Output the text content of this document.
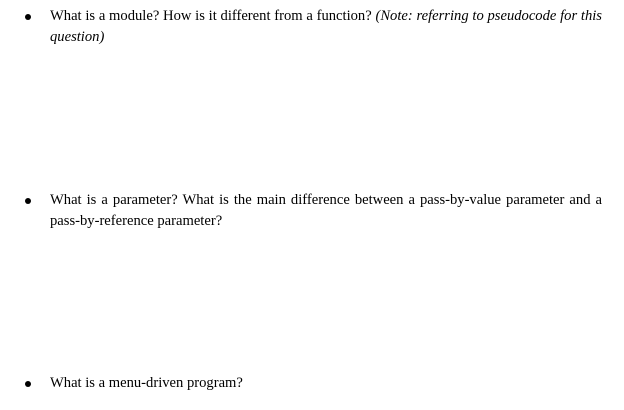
What is a module? How is it different from a function? (Note: referring to pseudocode for this question)
What is a parameter? What is the main difference between a pass-by-value parameter and a pass-by-reference parameter?
What is a menu-driven program?
